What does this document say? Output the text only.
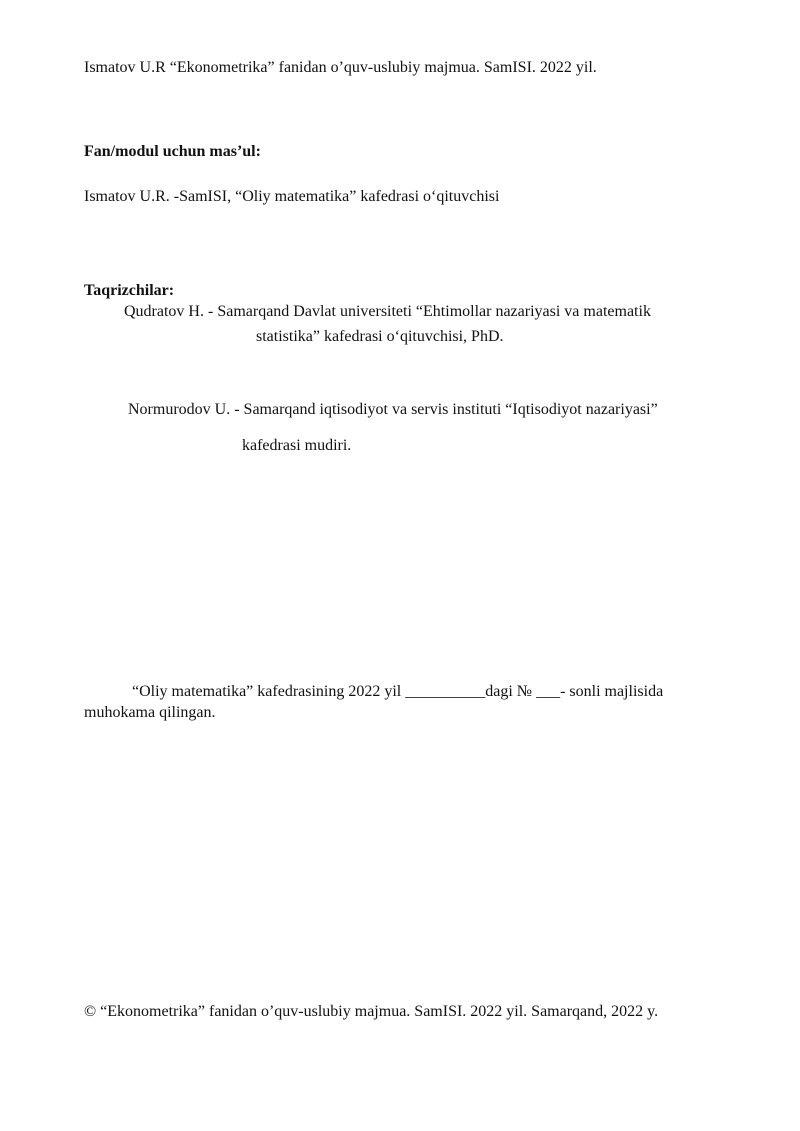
Ismatov U.R “Ekonometrika” fanidan o’quv-uslubiy majmua. SamISI. 2022 yil.
Fan/modul uchun mas’ul:
Ismatov U.R. -SamISI, “Oliy matematika” kafedrasi o‘qituvchisi
Taqrizchilar:
Qudratov H. - Samarqand Davlat universiteti “Ehtimollar nazariyasi va matematik
statistika” kafedrasi o‘qituvchisi, PhD.
Normurodov U. - Samarqand iqtisodiyot va servis instituti “Iqtisodiyot nazariyasi”
kafedrasi mudiri.
“Oliy matematika” kafedrasining 2022 yil __________dagi № ___- sonli majlisida
muhokama qilingan.
© “Ekonometrika” fanidan o’quv-uslubiy majmua. SamISI. 2022 yil. Samarqand, 2022 y.
